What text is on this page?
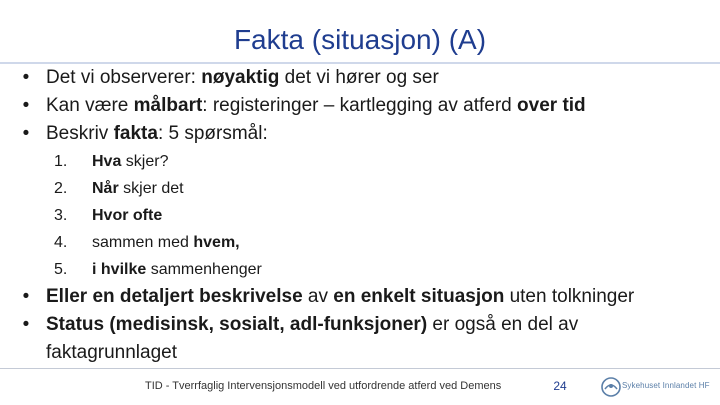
Fakta (situasjon) (A)
• Det vi observerer: nøyaktig det vi hører og ser
• Kan være målbart: registeringer – kartlegging av atferd over tid
• Beskriv fakta: 5 spørsmål:
1.	Hva skjer?
2.	Når skjer det
3.	Hvor ofte
4.	sammen med hvem,
5.	i hvilke sammenhenger
• Eller en detaljert beskrivelse av en enkelt situasjon uten tolkninger
• Status (medisinsk, sosialt, adl-funksjoner) er også en del av faktagrunnlaget
TID - Tverrfaglig Intervensjonsmodell ved utfordrende atferd ved Demens	24	Sykehuset Innlandet HF
